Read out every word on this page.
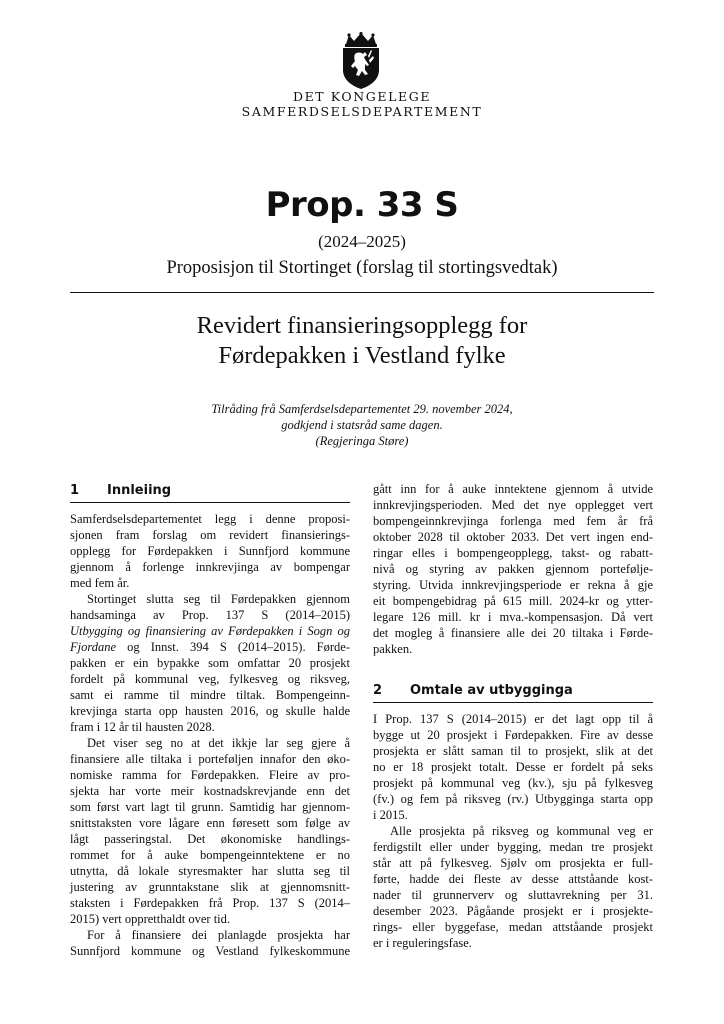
DET KONGELEGE
SAMFERDSELSDEPARTEMENT
Prop. 33 S
(2024–2025)
Proposisjon til Stortinget (forslag til stortingsvedtak)
Revidert finansieringsopplegg for
Førdepakken i Vestland fylke
Tilråding frå Samferdselsdepartementet 29. november 2024,
godkjend i statsråd same dagen.
(Regjeringa Støre)
1 Innleiing
Samferdselsdepartementet legg i denne proposi-
sjonen fram forslag om revidert finansierings-
opplegg for Førdepakken i Sunnfjord kommune
gjennom å forlenge innkrevjinga av bompengar
med fem år.
Stortinget slutta seg til Førdepakken gjennom
handsaminga av Prop. 137 S (2014–2015)
Utbygging og finansiering av Førdepakken i Sogn og
Fjordane og Innst. 394 S (2014–2015). Førde-
pakken er ein bypakke som omfattar 20 prosjekt
fordelt på kommunal veg, fylkesveg og riksveg,
samt ei ramme til mindre tiltak. Bompengeinn-
krevjinga starta opp hausten 2016, og skulle halde
fram i 12 år til hausten 2028.
Det viser seg no at det ikkje lar seg gjere å
finansiere alle tiltaka i porteføljen innafor den øko-
nomiske ramma for Førdepakken. Fleire av pro-
sjekta har vorte meir kostnadskrevjande enn det
som først vart lagt til grunn. Samtidig har gjennom-
snittstaksten vore lågare enn føresett som følge av
lågt passeringstal. Det økonomiske handlings-
rommet for å auke bompengeinntektene er no
utnytta, då lokale styresmakter har slutta seg til
justering av grunntakstane slik at gjennomsnitt-
staksten i Førdepakken frå Prop. 137 S (2014–
2015) vert oppretthaldt over tid.
For å finansiere dei planlagde prosjekta har
Sunnfjord kommune og Vestland fylkeskommune
gått inn for å auke inntektene gjennom å utvide
innkrevjingsperioden. Med det nye opplegget vert
bompengeinnkrevjinga forlenga med fem år frå
oktober 2028 til oktober 2033. Det vert ingen end-
ringar elles i bompengeopplegg, takst- og rabatt-
nivå og styring av pakken gjennom portefølje-
styring. Utvida innkrevjingsperiode er rekna å gje
eit bompengebidrag på 615 mill. 2024-kr og ytter-
legare 126 mill. kr i mva.-kompensasjon. Då vert
det mogleg å finansiere alle dei 20 tiltaka i Førde-
pakken.
2 Omtale av utbygginga
I Prop. 137 S (2014–2015) er det lagt opp til å
bygge ut 20 prosjekt i Førdepakken. Fire av desse
prosjekta er slått saman til to prosjekt, slik at det
no er 18 prosjekt totalt. Desse er fordelt på seks
prosjekt på kommunal veg (kv.), sju på fylkesveg
(fv.) og fem på riksveg (rv.) Utbygginga starta opp
i 2015.
Alle prosjekta på riksveg og kommunal veg er
ferdigstilt eller under bygging, medan tre prosjekt
står att på fylkesveg. Sjølv om prosjekta er full-
førte, hadde dei fleste av desse attståande kost-
nader til grunnerverv og sluttavrekning per 31.
desember 2023. Pågåande prosjekt er i prosjekte-
rings- eller byggefase, medan attståande prosjekt
er i reguleringsfase.
